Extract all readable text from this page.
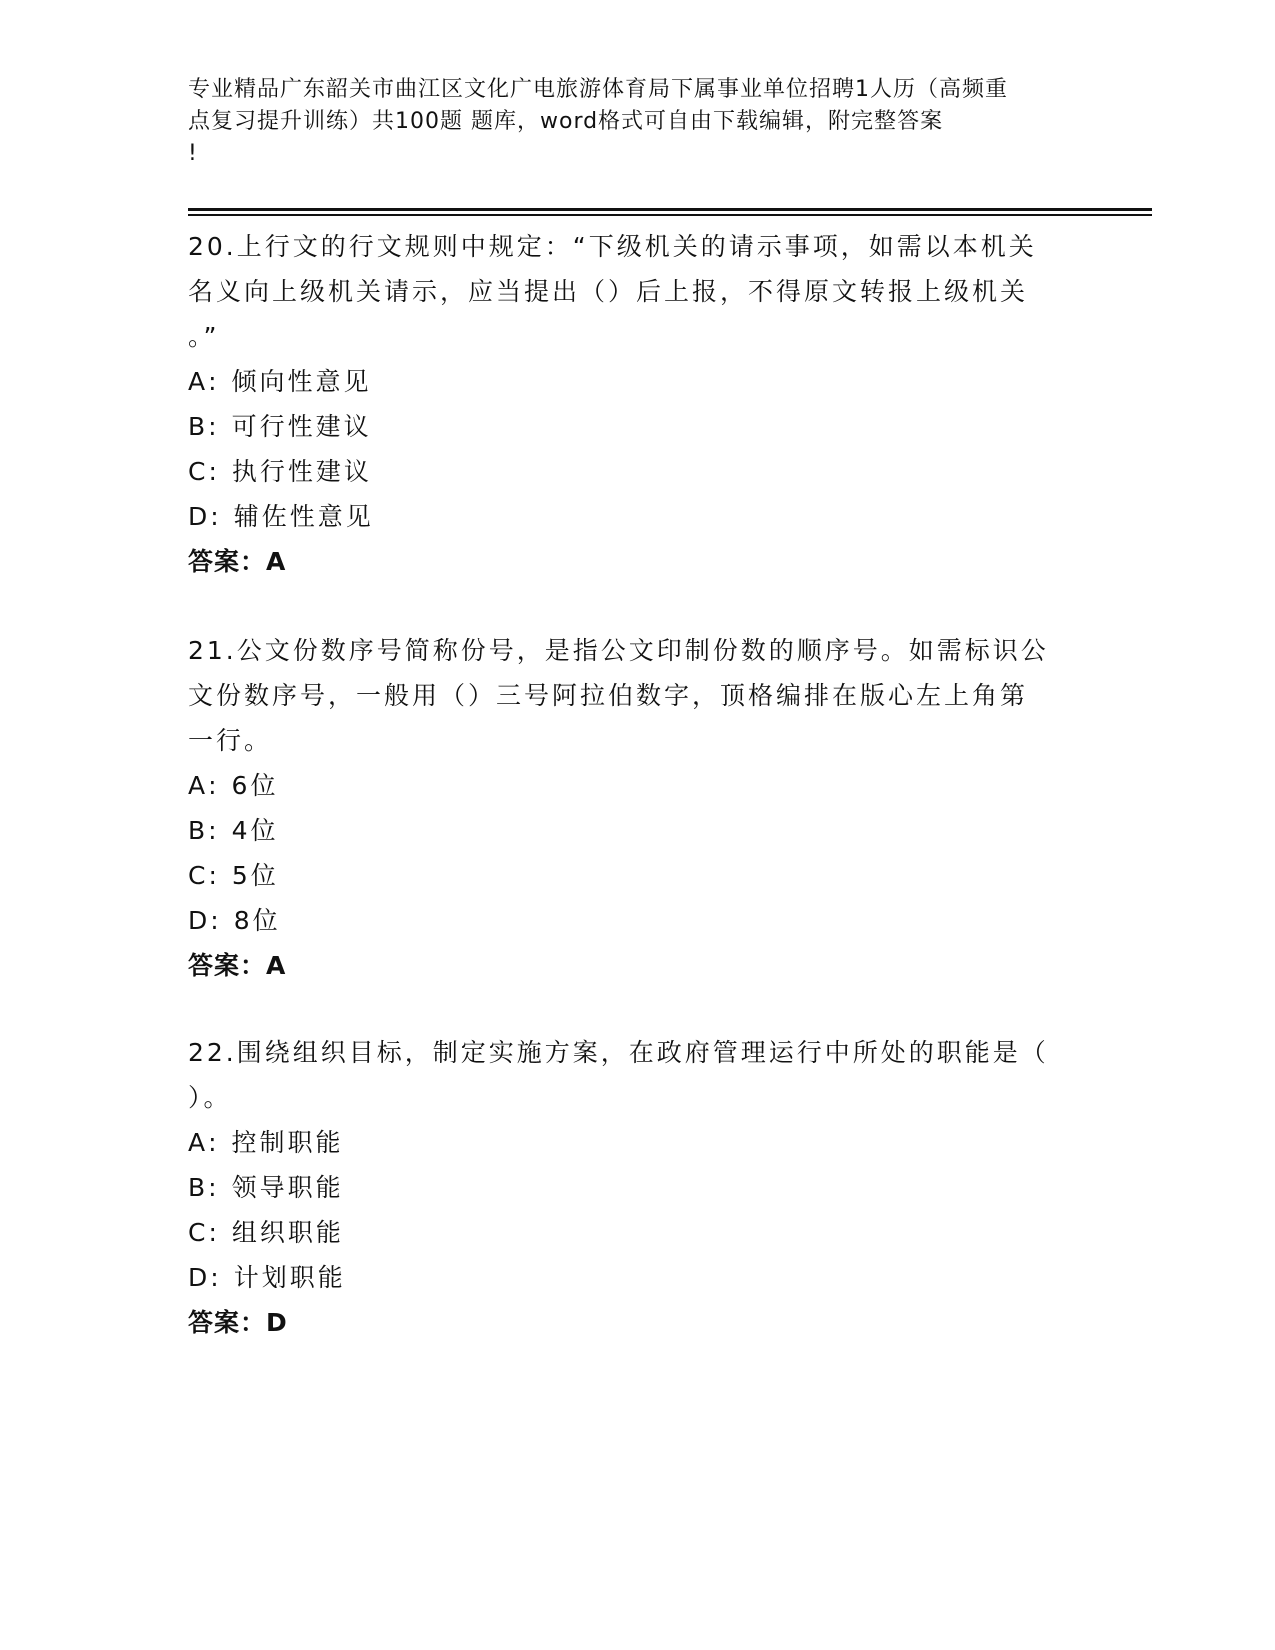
专业精品广东韶关市曲江区文化广电旅游体育局下属事业单位招聘1人历（高频重
点复习提升训练）共100题 题库，word格式可自由下载编辑，附完整答案
!
20.上行文的行文规则中规定：“下级机关的请示事项，如需以本机关
名义向上级机关请示，应当提出（）后上报，不得原文转报上级机关
。”
A: 倾向性意见
B: 可行性建议
C: 执行性建议
D: 辅佐性意见
答案：A
21.公文份数序号简称份号，是指公文印制份数的顺序号。如需标识公
文份数序号，一般用（）三号阿拉伯数字，顶格编排在版心左上角第
一行。
A: 6位
B: 4位
C: 5位
D: 8位
答案：A
22.围绕组织目标，制定实施方案，在政府管理运行中所处的职能是（
）。
A: 控制职能
B: 领导职能
C: 组织职能
D: 计划职能
答案：D
